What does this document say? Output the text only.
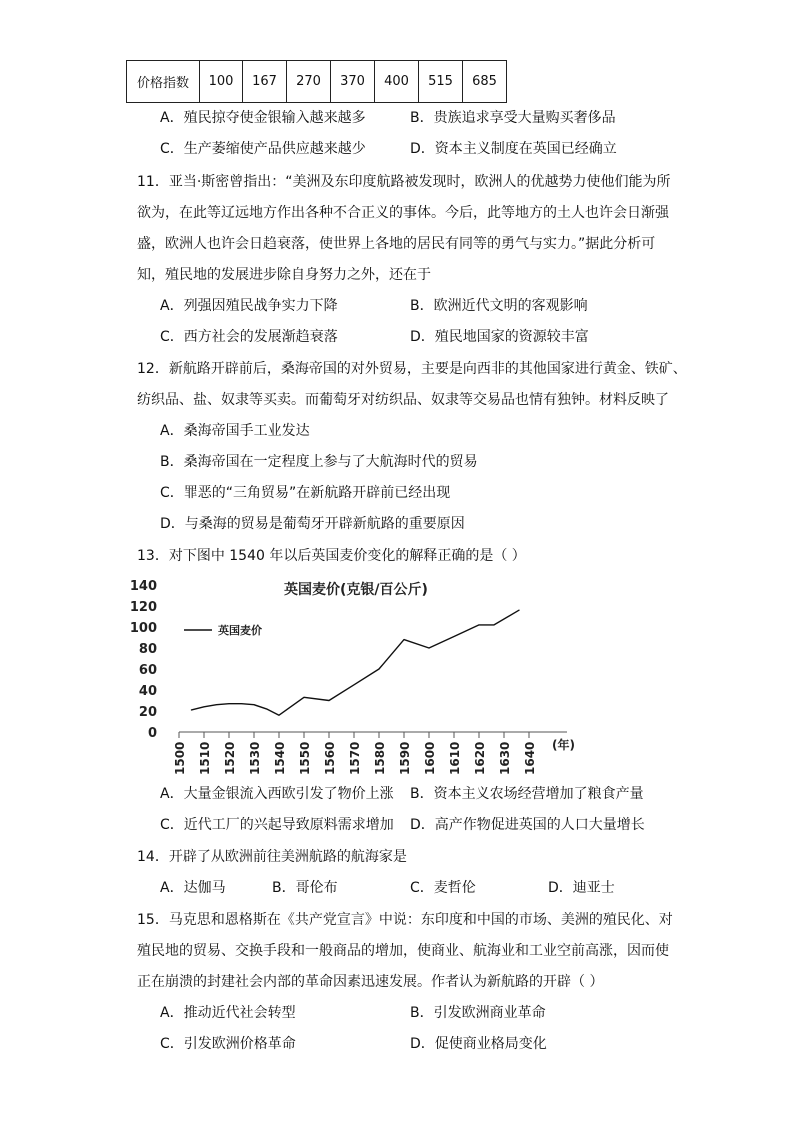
价格指数	100	167	270	370	400	515	685
A．殖民掠夺使金银输入越来越多	B．贵族追求享受大量购买奢侈品
C．生产萎缩使产品供应越来越少	D．资本主义制度在英国已经确立
11．亚当·斯密曾指出：“美洲及东印度航路被发现时，欧洲人的优越势力使他们能为所
欲为，在此等辽远地方作出各种不合正义的事体。今后，此等地方的土人也许会日渐强
盛，欧洲人也许会日趋衰落，使世界上各地的居民有同等的勇气与实力。”据此分析可
知，殖民地的发展进步除自身努力之外，还在于
A．列强因殖民战争实力下降	B．欧洲近代文明的客观影响
C．西方社会的发展渐趋衰落	D．殖民地国家的资源较丰富
12．新航路开辟前后，桑海帝国的对外贸易，主要是向西非的其他国家进行黄金、铁矿、
纺织品、盐、奴隶等买卖。而葡萄牙对纺织品、奴隶等交易品也情有独钟。材料反映了
A．桑海帝国手工业发达
B．桑海帝国在一定程度上参与了大航海时代的贸易
C．罪恶的“三角贸易”在新航路开辟前已经出现
D．与桑海的贸易是葡萄牙开辟新航路的重要原因
13．对下图中 1540 年以后英国麦价变化的解释正确的是（ ）
1500 1510 1520 1530 1540 1550 1560 1570 1580 1590 1600 1610 1620 1630 1640 (年)
0
20
40
60
80
100
120
140	英国麦价(克银/百公斤)
英国麦价
A．大量金银流入西欧引发了物价上涨 B．资本主义农场经营增加了粮食产量
C．近代工厂的兴起导致原料需求增加 D．高产作物促进英国的人口大量增长
14．开辟了从欧洲前往美洲航路的航海家是
A．达伽马	B．哥伦布	C．麦哲伦	D．迪亚士
15．马克思和恩格斯在《共产党宣言》中说：东印度和中国的市场、美洲的殖民化、对
殖民地的贸易、交换手段和一般商品的增加，使商业、航海业和工业空前高涨，因而使
正在崩溃的封建社会内部的革命因素迅速发展。作者认为新航路的开辟（ ）
A．推动近代社会转型	B．引发欧洲商业革命
C．引发欧洲价格革命	D．促使商业格局变化
